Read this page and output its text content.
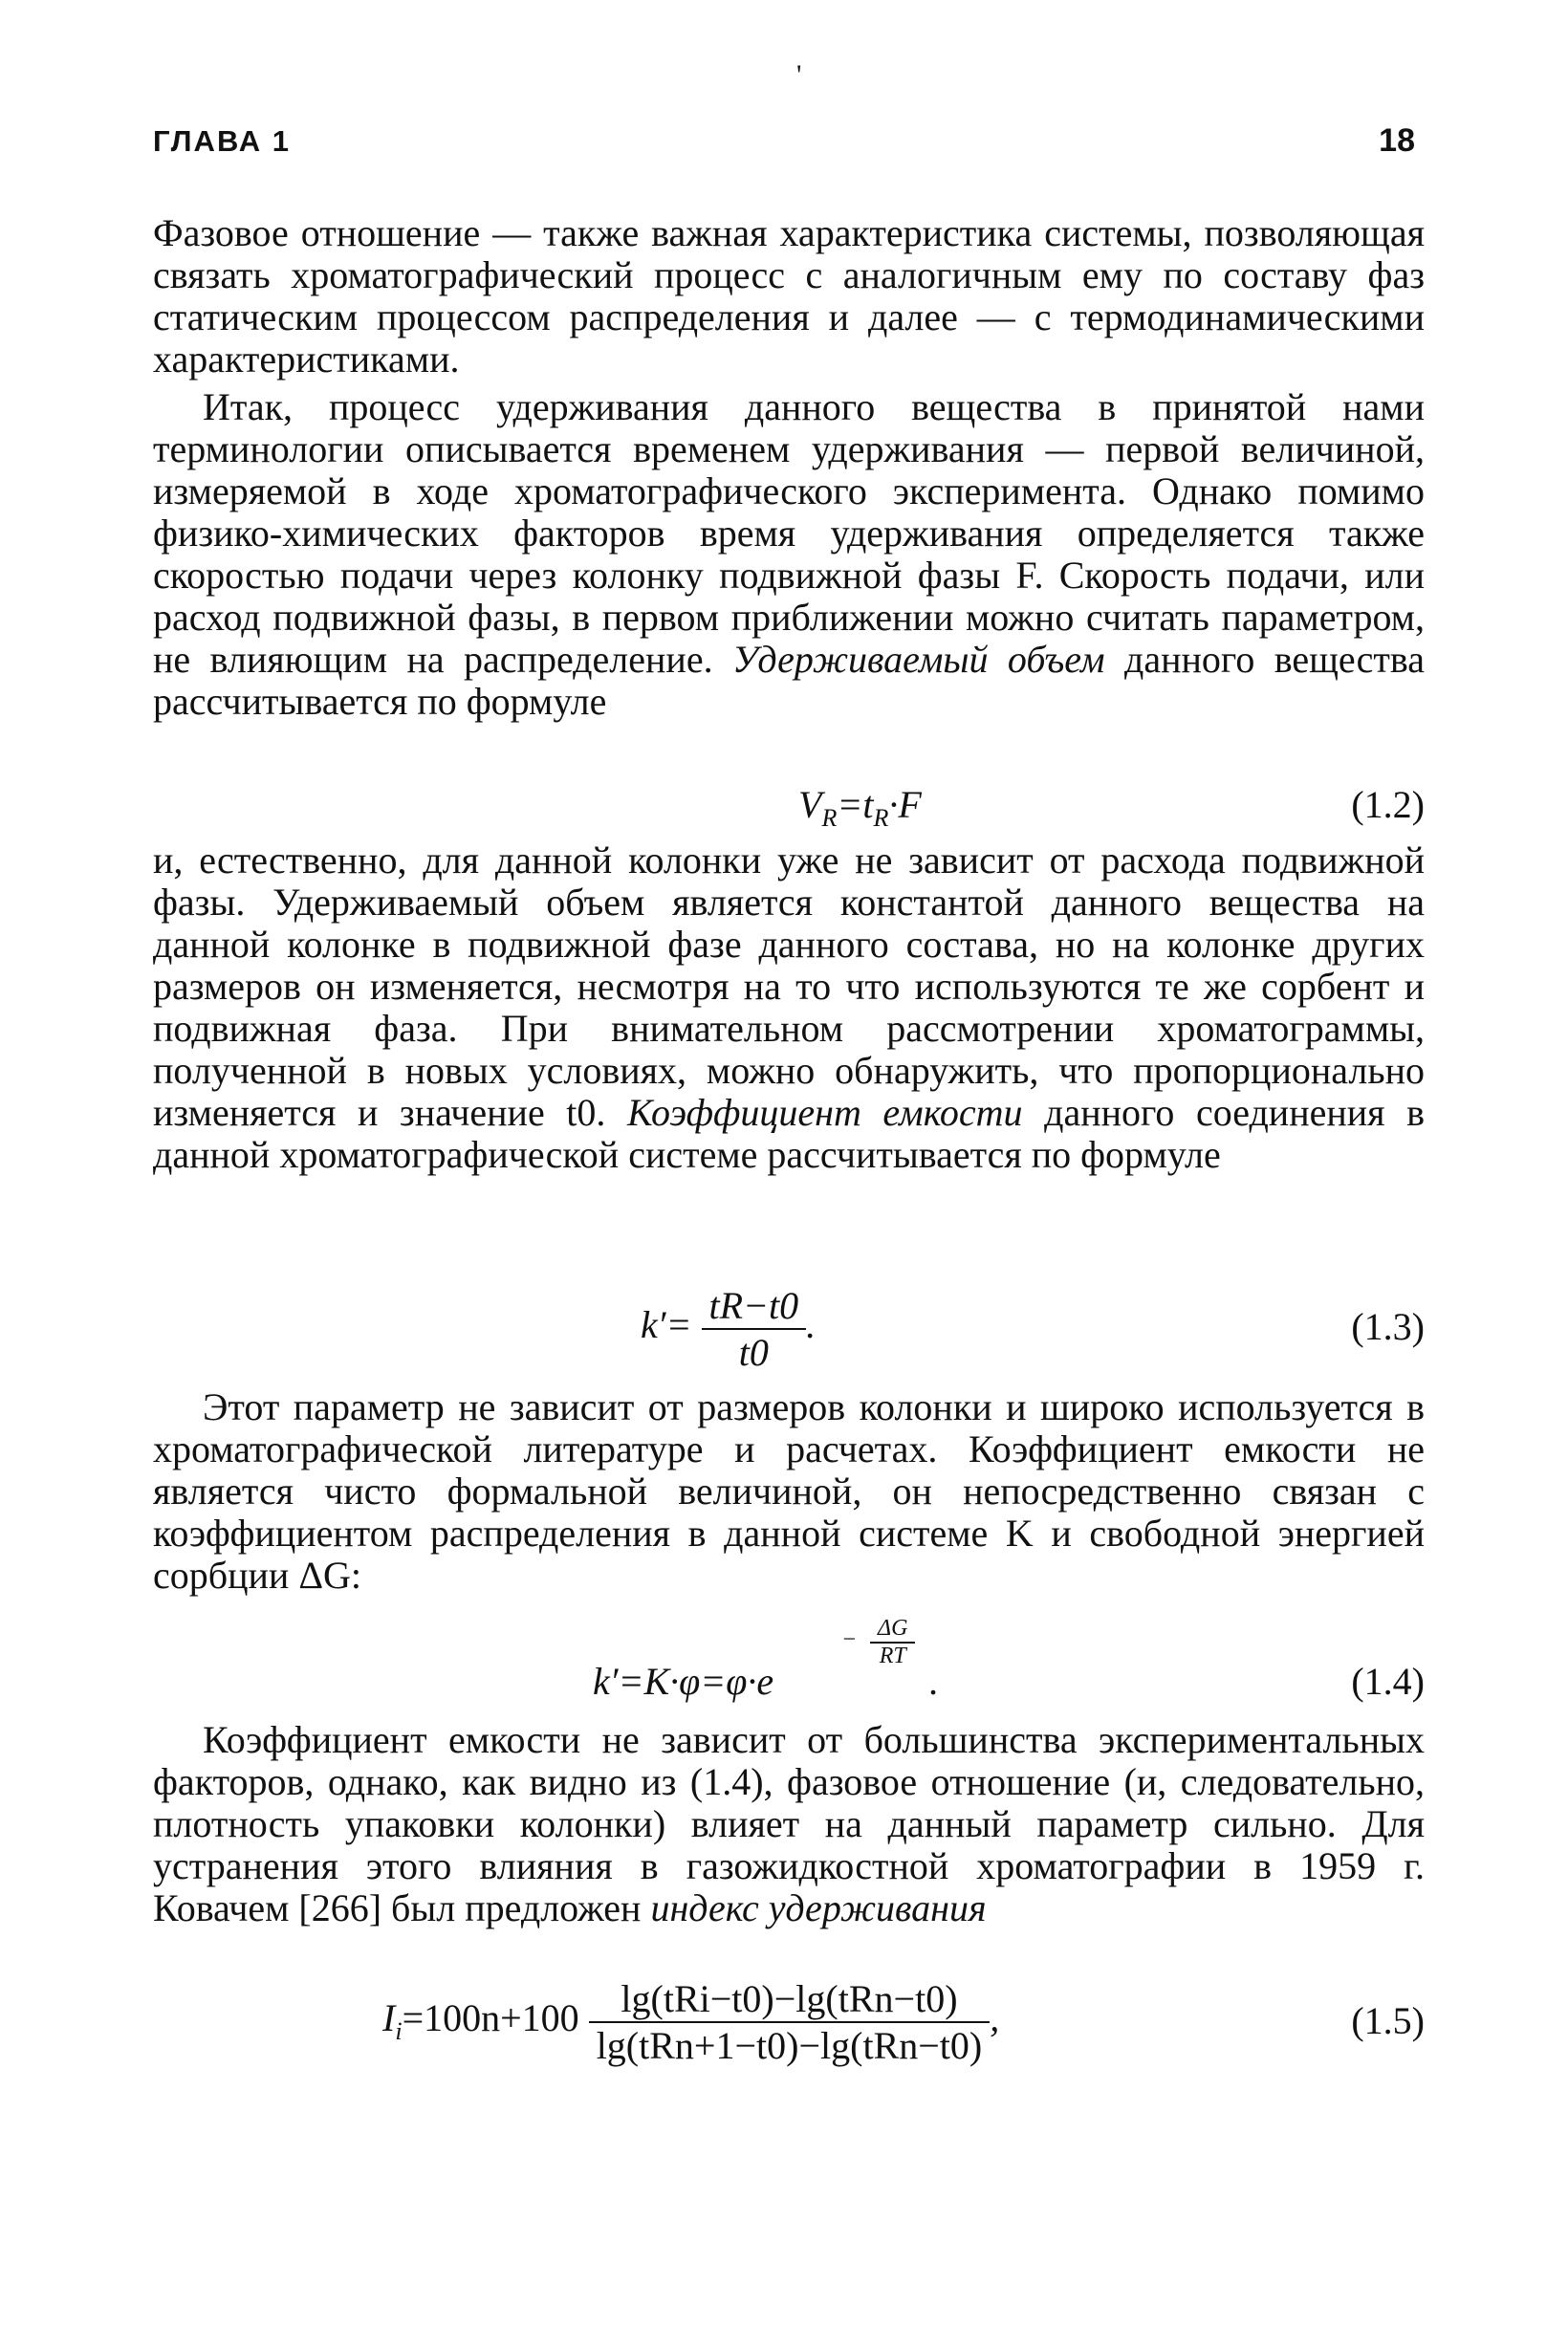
'
ГЛАВА 1	18

Фазовое отношение — также важная характеристика системы, позволяющая связать хроматографический процесс с аналогичным ему по составу фаз статическим процессом распределения и далее — с термодинамическими характеристиками.

Итак, процесс удерживания данного вещества в принятой нами терминологии описывается временем удерживания — первой величиной, измеряемой в ходе хроматографического эксперимента. Однако помимо физико-химических факторов время удерживания определяется также скоростью подачи через колонку подвижной фазы F. Скорость подачи, или расход подвижной фазы, в первом приближении можно считать параметром, не влияющим на распределение. Удерживаемый объем данного вещества рассчитывается по формуле

$V_R=t_R\cdot F$	(1.2)

и, естественно, для данной колонки уже не зависит от расхода подвижной фазы. Удерживаемый объем является константой данного вещества на данной колонке в подвижной фазе данного состава, но на колонке других размеров он изменяется, несмотря на то что используются те же сорбент и подвижная фаза. При внимательном рассмотрении хроматограммы, полученной в новых условиях, можно обнаружить, что пропорционально изменяется и значение t0. Коэффициент емкости данного соединения в данной хроматографической системе рассчитывается по формуле

$k'= \frac{tR-t0}{t0}$ .	(1.3)

Этот параметр не зависит от размеров колонки и широко используется в хроматографической литературе и расчетах. Коэффициент емкости не является чисто формальной величиной, он непосредственно связан с коэффициентом распределения в данной системе K и свободной энергией сорбции ΔG:

k′=K·φ=φ·e
− $\frac{\Delta G}{RT}$
.	(1.4)

Коэффициент емкости не зависит от большинства экспериментальных факторов, однако, как видно из (1.4), фазовое отношение (и, следовательно, плотность упаковки колонки) влияет на данный параметр сильно. Для устранения этого влияния в газожидкостной хроматографии в 1959 г. Ковачем [266] был предложен индекс удерживания

$I_i=100n+100 \frac{\text{lg(tRi−t0)−lg(tRn−t0)}}{\text{lg(tRn+1−t0)−lg(tRn−t0)}}$ ,	(1.5)
